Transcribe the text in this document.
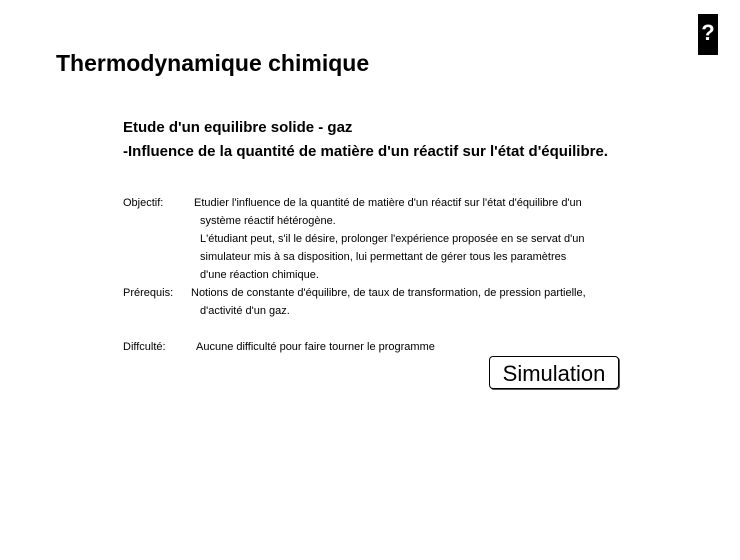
?
Thermodynamique chimique

Etude d'un equilibre solide - gaz

-Influence de la quantité de matière d'un réactif sur l'état d'équilibre.

Objectif:	Etudier l'influence de la quantité de matière d'un réactif sur l'état d'équilibre d'un
système réactif hétérogène.
L'étudiant peut, s'il le désire, prolonger l'expérience proposée en se servat d'un
simulateur mis à sa disposition, lui permettant de gérer tous les paramètres
d'une réaction chimique.
Prérequis: Notions de constante d'équilibre, de taux de transformation, de pression partielle,
d'activité d'un gaz.
Diffculté:	Aucune difficulté pour faire tourner le programme
Simulation
